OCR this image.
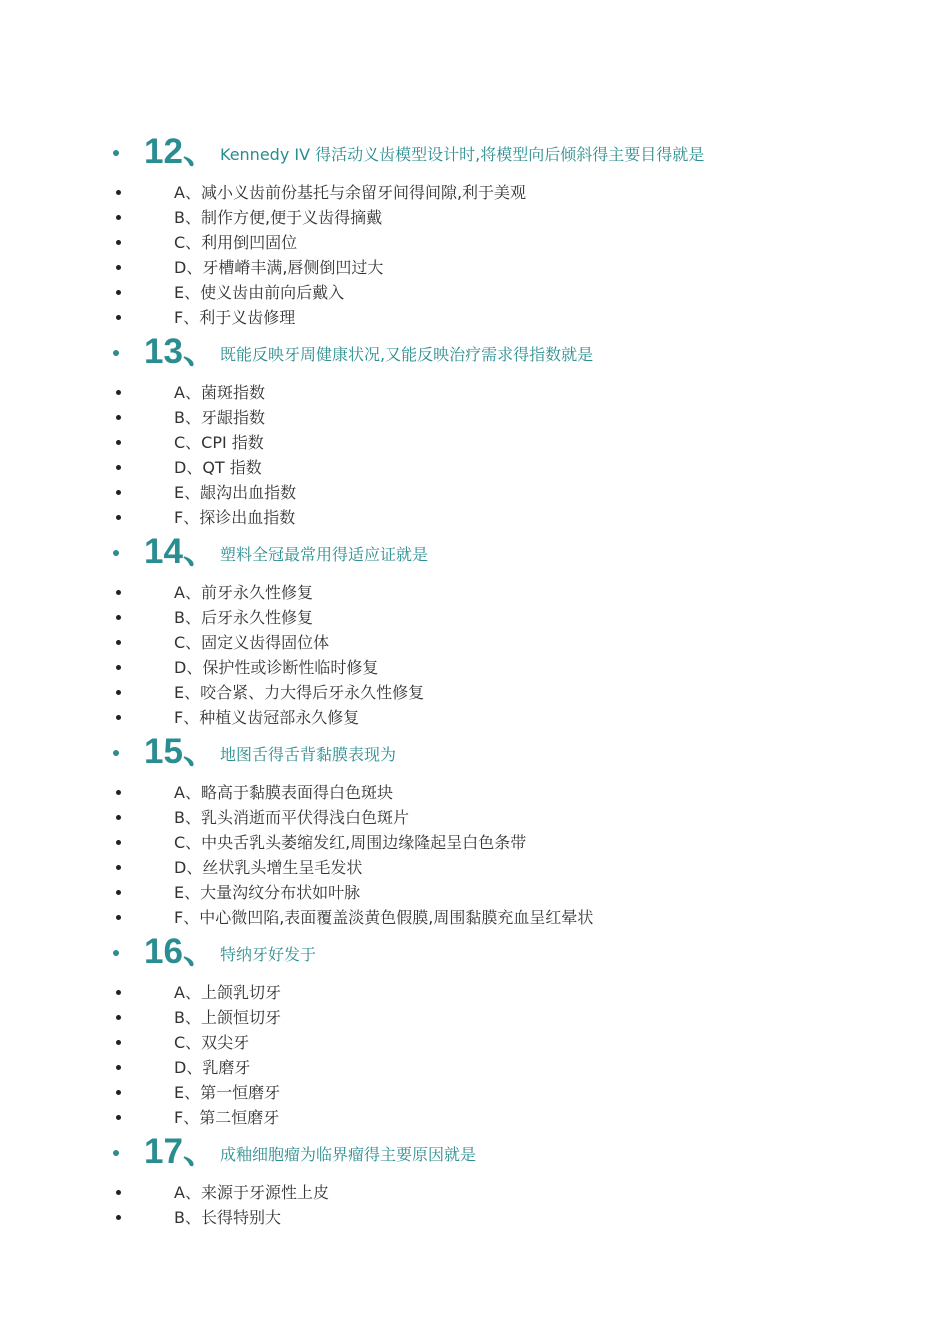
12、 Kennedy IV 得活动义齿模型设计时,将模型向后倾斜得主要目得就是
A、减小义齿前份基托与余留牙间得间隙,利于美观
B、制作方便,便于义齿得摘戴
C、利用倒凹固位
D、牙槽嵴丰满,唇侧倒凹过大
E、使义齿由前向后戴入
F、利于义齿修理
13、 既能反映牙周健康状况,又能反映治疗需求得指数就是
A、菌斑指数
B、牙龈指数
C、CPI 指数
D、QT 指数
E、龈沟出血指数
F、探诊出血指数
14、 塑料全冠最常用得适应证就是
A、前牙永久性修复
B、后牙永久性修复
C、固定义齿得固位体
D、保护性或诊断性临时修复
E、咬合紧、力大得后牙永久性修复
F、种植义齿冠部永久修复
15、 地图舌得舌背黏膜表现为
A、略高于黏膜表面得白色斑块
B、乳头消逝而平伏得浅白色斑片
C、中央舌乳头萎缩发红,周围边缘隆起呈白色条带
D、丝状乳头增生呈毛发状
E、大量沟纹分布状如叶脉
F、中心微凹陷,表面覆盖淡黄色假膜,周围黏膜充血呈红晕状
16、 特纳牙好发于
A、上颌乳切牙
B、上颌恒切牙
C、双尖牙
D、乳磨牙
E、第一恒磨牙
F、第二恒磨牙
17、 成釉细胞瘤为临界瘤得主要原因就是
A、来源于牙源性上皮
B、长得特别大
